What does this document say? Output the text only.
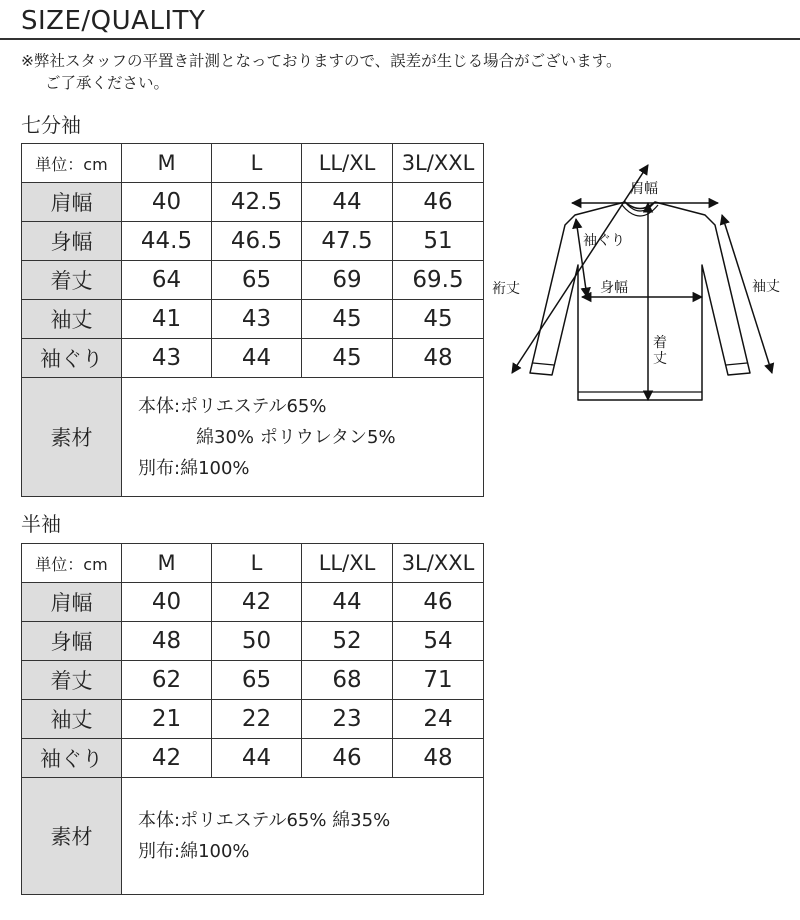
SIZE/QUALITY
※弊社スタッフの平置き計測となっておりますので、誤差が生じる場合がございます。
ご了承ください。
七分袖
単位：cm	M	L	LL/XL	3L/XXL
肩幅	40	42.5	44	46
身幅	44.5	46.5	47.5	51
着丈	64	65	69	69.5
袖丈	41	43	45	45
袖ぐり	43	44	45	48
素材	本体:ポリエステル65%
綿30% ポリウレタン5%
別布:綿100%			
半袖
単位：cm	M	L	LL/XL	3L/XXL
肩幅	40	42	44	46
身幅	48	50	52	54
着丈	62	65	68	71
袖丈	21	22	23	24
袖ぐり	42	44	46	48
素材	本体:ポリエステル65% 綿35%
別布:綿100%			
肩幅
裄丈
袖ぐり
身幅
着
丈
袖丈
